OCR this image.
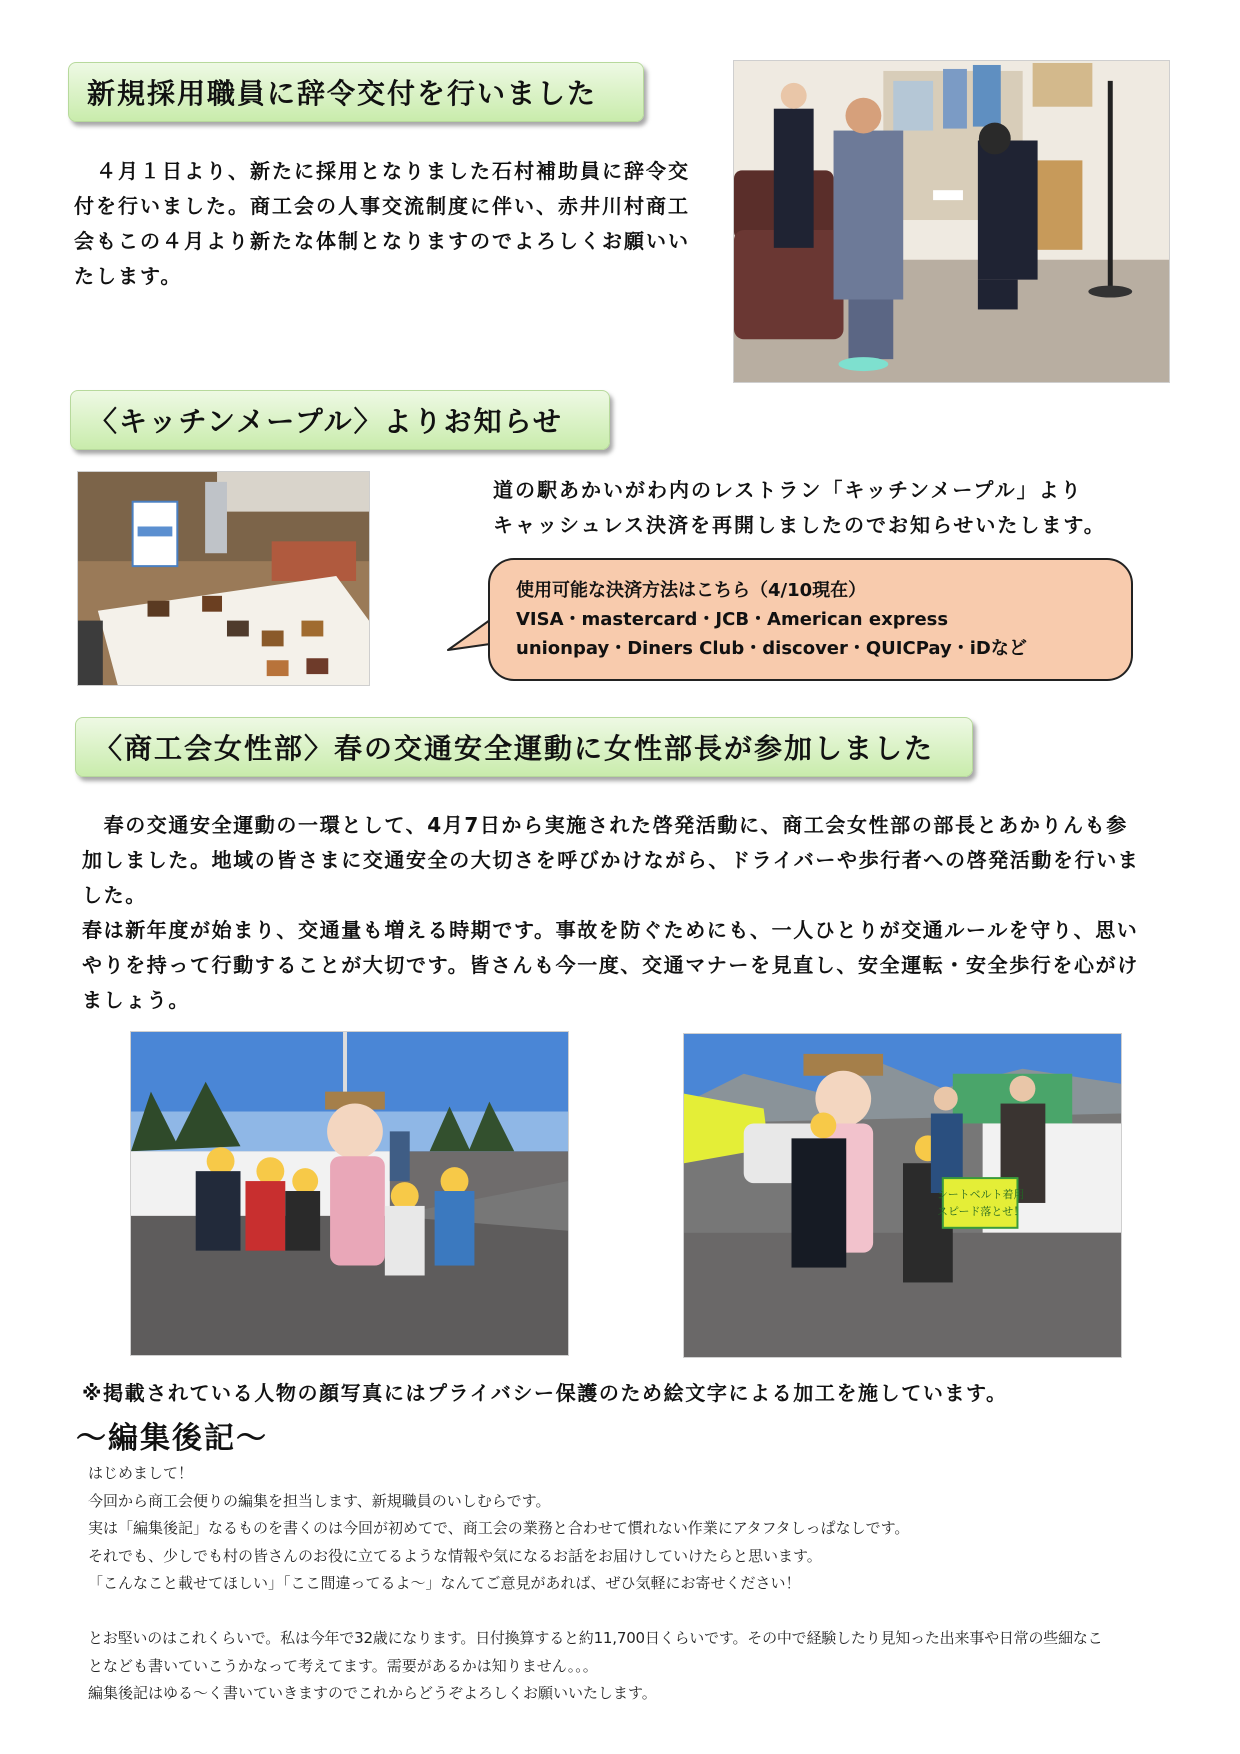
新規採用職員に辞令交付を行いました
　４月１日より、新たに採用となりました石村補助員に辞令交
付を行いました。商工会の人事交流制度に伴い、赤井川村商工
会もこの４月より新たな体制となりますのでよろしくお願いい
たします。
〈キッチンメープル〉よりお知らせ
道の駅あかいがわ内のレストラン「キッチンメープル」より
キャッシュレス決済を再開しましたのでお知らせいたします。
使用可能な決済方法はこちら（4/10現在）
VISA・mastercard・JCB・American express
unionpay・Diners Club・discover・QUICPay・iDなど
〈商工会女性部〉春の交通安全運動に女性部長が参加しました
　春の交通安全運動の一環として、4月7日から実施された啓発活動に、商工会女性部の部長とあかりんも参
加しました。地域の皆さまに交通安全の大切さを呼びかけながら、ドライバーや歩行者への啓発活動を行いま
した。
春は新年度が始まり、交通量も増える時期です。事故を防ぐためにも、一人ひとりが交通ルールを守り、思い
やりを持って行動することが大切です。皆さんも今一度、交通マナーを見直し、安全運転・安全歩行を心がけ
ましょう。
シートベルト着用
スピード落とせ！
※掲載されている人物の顔写真にはプライバシー保護のため絵文字による加工を施しています。
〜編集後記〜
はじめまして！
今回から商工会便りの編集を担当します、新規職員のいしむらです。
実は「編集後記」なるものを書くのは今回が初めてで、商工会の業務と合わせて慣れない作業にアタフタしっぱなしです。
それでも、少しでも村の皆さんのお役に立てるような情報や気になるお話をお届けしていけたらと思います。
「こんなこと載せてほしい」「ここ間違ってるよ〜」なんてご意見があれば、ぜひ気軽にお寄せください！
とお堅いのはこれくらいで。私は今年で32歳になります。日付換算すると約11,700日くらいです。その中で経験したり見知った出来事や日常の些細なこ
となども書いていこうかなって考えてます。需要があるかは知りません。。。
編集後記はゆる〜く書いていきますのでこれからどうぞよろしくお願いいたします。
